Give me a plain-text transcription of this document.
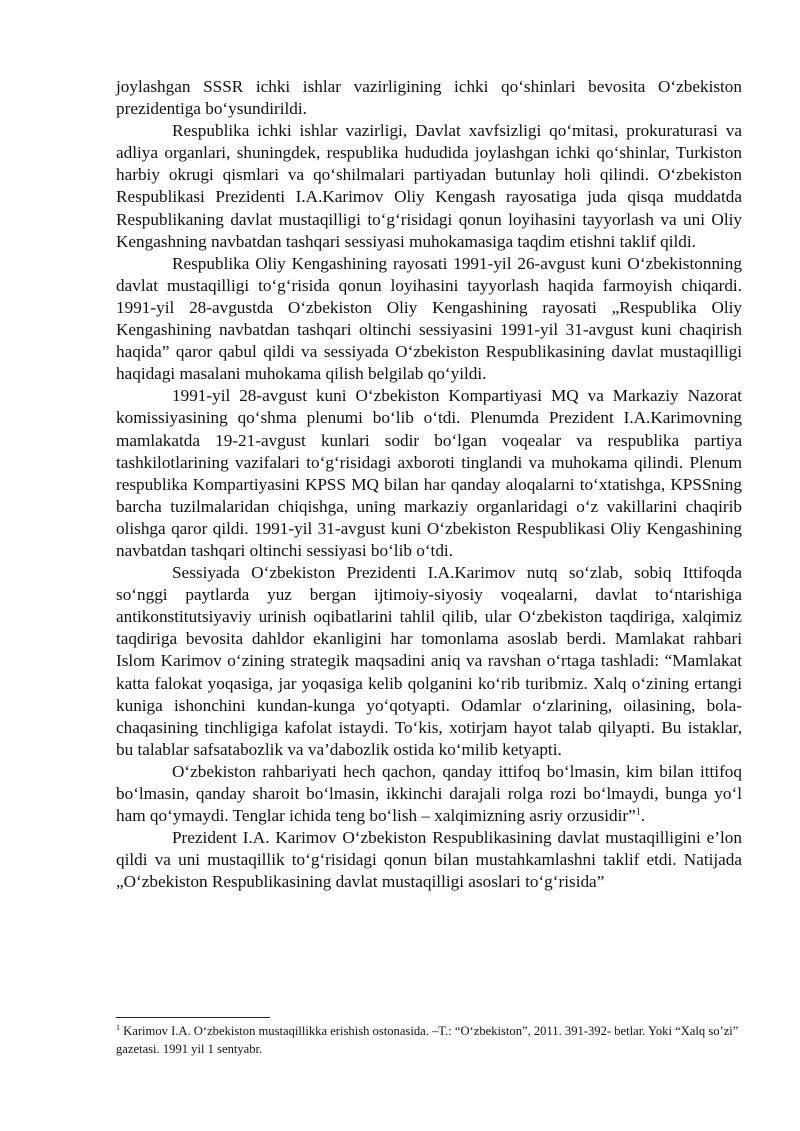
joylashgan SSSR ichki ishlar vazirligining ichki qo‘shinlari bevosita O‘zbekiston prezidentiga bo‘ysundirildi.

Respublika ichki ishlar vazirligi, Davlat xavfsizligi qo‘mitasi, prokuraturasi va adliya organlari, shuningdek, respublika hududida joylashgan ichki qo‘shinlar, Turkiston harbiy okrugi qismlari va qo‘shilmalari partiyadan butunlay holi qilindi. O‘zbekiston Respublikasi Prezidenti I.A.Karimov Oliy Kengash rayosatiga juda qisqa muddatda Respublikaning davlat mustaqilligi to‘g‘risidagi qonun loyihasini tayyorlash va uni Oliy Kengashning navbatdan tashqari sessiyasi muhokamasiga taqdim etishni taklif qildi.

Respublika Oliy Kengashining rayosati 1991-yil 26-avgust kuni O‘zbekistonning davlat mustaqilligi to‘g‘risida qonun loyihasini tayyorlash haqida farmoyish chiqardi. 1991-yil 28-avgustda O‘zbekiston Oliy Kengashining rayosati „Respublika Oliy Kengashining navbatdan tashqari oltinchi sessiyasini 1991-yil 31-avgust kuni chaqirish haqida” qaror qabul qildi va sessiyada O‘zbekiston Respublikasining davlat mustaqilligi haqidagi masalani muhokama qilish belgilab qo‘yildi.

1991-yil 28-avgust kuni O‘zbekiston Kompartiyasi MQ va Markaziy Nazorat komissiyasining qo‘shma plenumi bo‘lib o‘tdi. Plenumda Prezident I.A.Karimovning mamlakatda 19-21-avgust kunlari sodir bo‘lgan voqealar va respublika partiya tashkilotlarining vazifalari to‘g‘risidagi axboroti tinglandi va muhokama qilindi. Plenum respublika Kompartiyasini KPSS MQ bilan har qanday aloqalarni to‘xtatishga, KPSSning barcha tuzilmalaridan chiqishga, uning markaziy organlaridagi o‘z vakillarini chaqirib olishga qaror qildi. 1991-yil 31-avgust kuni O‘zbekiston Respublikasi Oliy Kengashining navbatdan tashqari oltinchi sessiyasi bo‘lib o‘tdi.

Sessiyada O‘zbekiston Prezidenti I.A.Karimov nutq so‘zlab, sobiq Ittifoqda so‘nggi paytlarda yuz bergan ijtimoiy-siyosiy voqealarni, davlat to‘ntarishiga antikonstitutsiyaviy urinish oqibatlarini tahlil qilib, ular O‘zbekiston taqdiriga, xalqimiz taqdiriga bevosita dahldor ekanligini har tomonlama asoslab berdi. Mamlakat rahbari Islom Karimov o‘zining strategik maqsadini aniq va ravshan o‘rtaga tashladi: “Mamlakat katta falokat yoqasiga, jar yoqasiga kelib qolganini ko‘rib turibmiz. Xalq o‘zining ertangi kuniga ishonchini kundan-kunga yo‘qotyapti. Odamlar o‘zlarining, oilasining, bola-chaqasining tinchligiga kafolat istaydi. To‘kis, xotirjam hayot talab qilyapti. Bu istaklar, bu talablar safsatabozlik va va’dabozlik ostida ko‘milib ketyapti.

O‘zbekiston rahbariyati hech qachon, qanday ittifoq bo‘lmasin, kim bilan ittifoq bo‘lmasin, qanday sharoit bo‘lmasin, ikkinchi darajali rolga rozi bo‘lmaydi, bunga yo‘l ham qo‘ymaydi. Tenglar ichida teng bo‘lish – xalqimizning asriy orzusidir”$^1$.

Prezident I.A. Karimov O‘zbekiston Respublikasining davlat mustaqilligini e’lon qildi va uni mustaqillik to‘g‘risidagi qonun bilan mustahkamlashni taklif etdi. Natijada „O‘zbekiston Respublikasining davlat mustaqilligi asoslari to‘g‘risida”

$^1$ Karimov I.A. O‘zbekiston mustaqillikka erishish ostonasida. –T.: “O‘zbekiston”, 2011. 391-392- betlar. Yoki “Xalq so’zi” gazetasi. 1991 yil 1 sentyabr.
